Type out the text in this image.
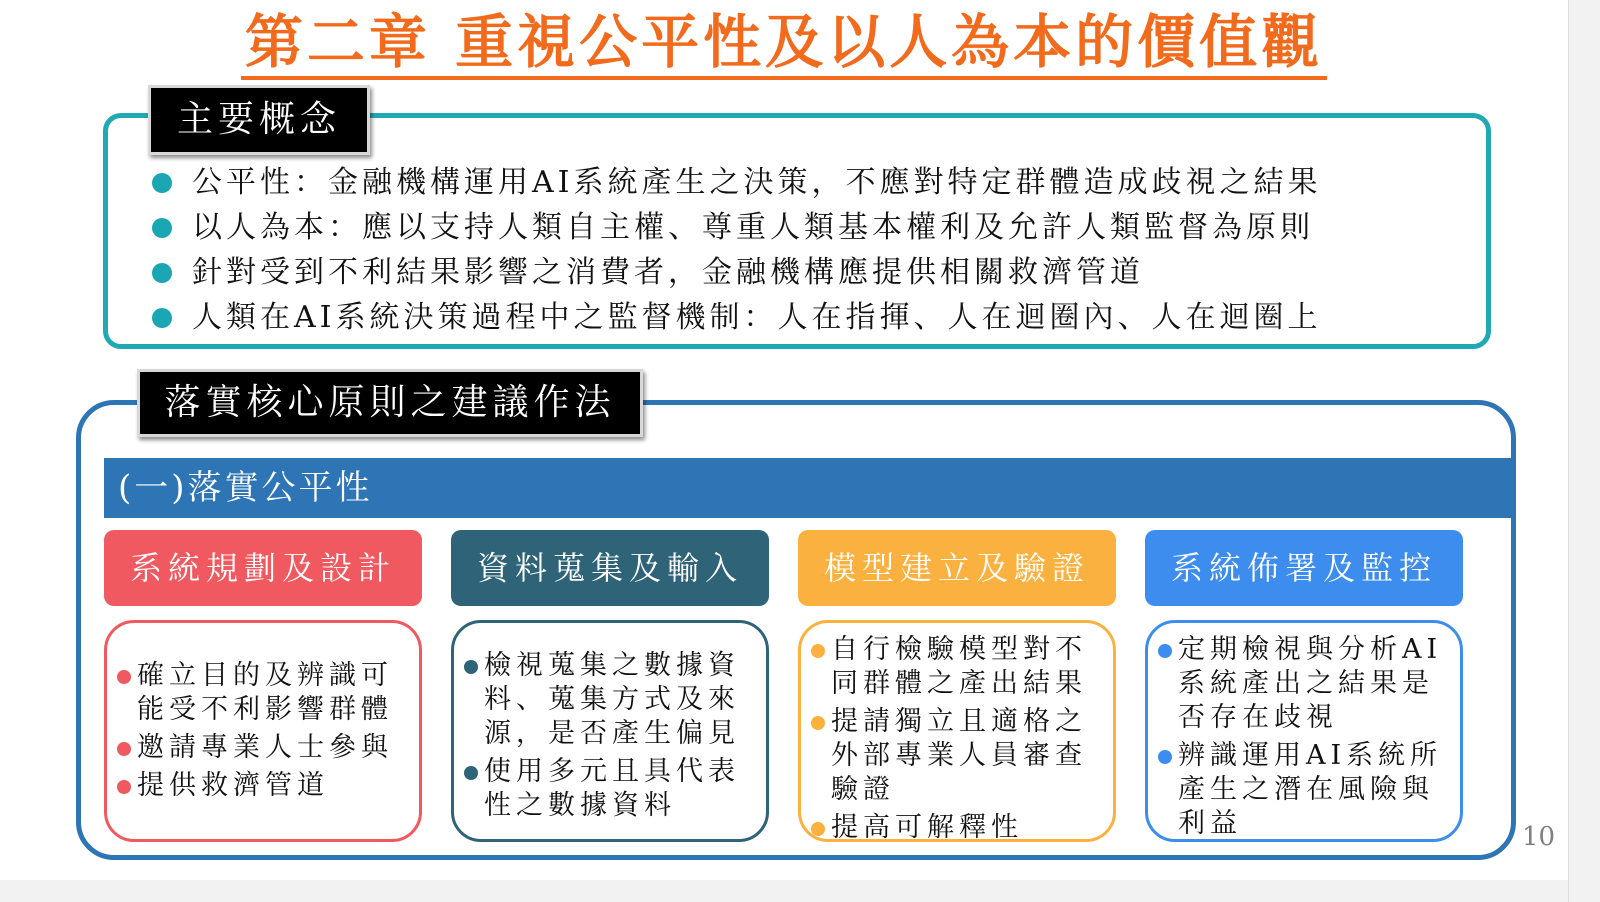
第二章 重視公平性及以人為本的價值觀
主要概念
公平性：金融機構運用AI系統產生之決策，不應對特定群體造成歧視之結果
以人為本：應以支持人類自主權、尊重人類基本權利及允許人類監督為原則
針對受到不利結果影響之消費者，金融機構應提供相關救濟管道
人類在AI系統決策過程中之監督機制：人在指揮、人在迴圈內、人在迴圈上
落實核心原則之建議作法
(一)落實公平性
系統規劃及設計
確立目的及辨識可能受不利影響群體
邀請專業人士參與
提供救濟管道
資料蒐集及輸入
檢視蒐集之數據資料、蒐集方式及來源，是否產生偏見
使用多元且具代表性之數據資料
模型建立及驗證
自行檢驗模型對不同群體之產出結果
提請獨立且適格之外部專業人員審查驗證
提高可解釋性
系統佈署及監控
定期檢視與分析AI系統產出之結果是否存在歧視
辨識運用AI系統所產生之潛在風險與利益	10
